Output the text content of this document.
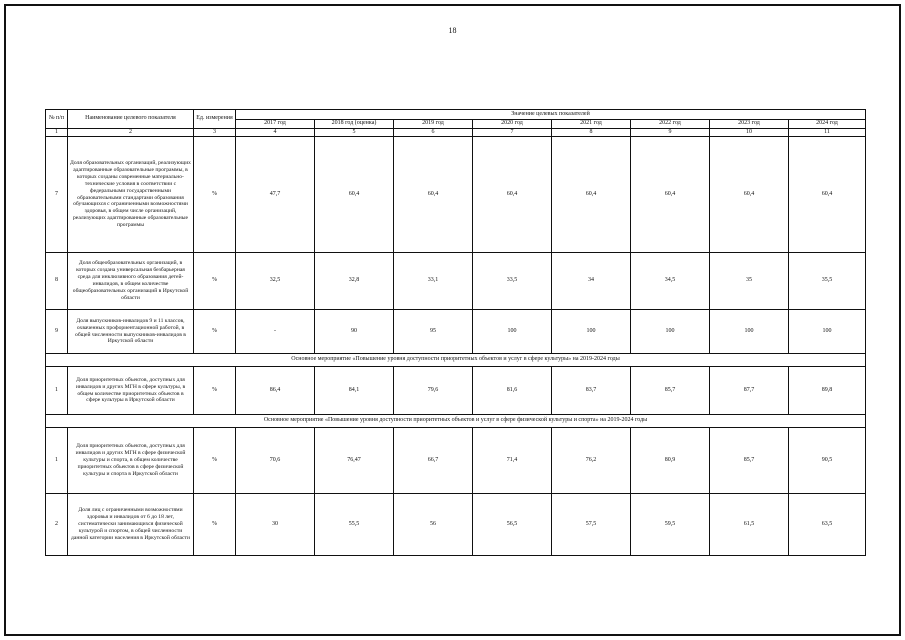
18
№ п/п	Наименование целевого показателя	Ед. измерения	Значение целевых показателей							
			2017 год	2018 год (оценка)	2019 год	2020 год	2021 год	2022 год	2023 год	2024 год
1	2	3	4	5	6	7	8	9	10	11
7	Доля образовательных организаций, реализующих адаптированные образовательные программы, в которых созданы современные материально-технические условия в соответствии с федеральными государственными образовательными стандартами образования обучающихся с ограниченными возможностями здоровья, в общем числе организаций, реализующих адаптированные образовательные программы	%	47,7	60,4	60,4	60,4	60,4	60,4	60,4	60,4
8	Доля общеобразовательных организаций, в которых создана универсальная безбарьерная среда для инклюзивного образования детей-инвалидов, в общем количестве общеобразовательных организаций в Иркутской области	%	32,5	32,8	33,1	33,5	34	34,5	35	35,5
9	Доля выпускников-инвалидов 9 и 11 классов, охваченных профориентационной работой, в общей численности выпускников-инвалидов в Иркутской области	%	-	90	95	100	100	100	100	100
Основное мероприятие «Повышение уровня доступности приоритетных объектов и услуг в сфере культуры» на 2019-2024 годы										
1	Доля приоритетных объектов, доступных для инвалидов и других МГН в сфере культуры, в общем количестве приоритетных объектов в сфере культуры в Иркутской области	%	86,4	84,1	79,6	81,6	83,7	85,7	87,7	89,8
Основное мероприятие «Повышение уровня доступности приоритетных объектов и услуг в сфере физической культуры и спорта» на 2019-2024 годы										
1	Доля приоритетных объектов, доступных для инвалидов и других МГН в сфере физической культуры и спорта, в общем количестве приоритетных объектов в сфере физической культуры и спорта в Иркутской области	%	70,6	76,47	66,7	71,4	76,2	80,9	85,7	90,5
2	Доля лиц с ограниченными возможностями здоровья и инвалидов от 6 до 18 лет, систематически занимающихся физической культурой и спортом, в общей численности данной категории населения в Иркутской области	%	30	55,5	56	56,5	57,5	59,5	61,5	63,5
